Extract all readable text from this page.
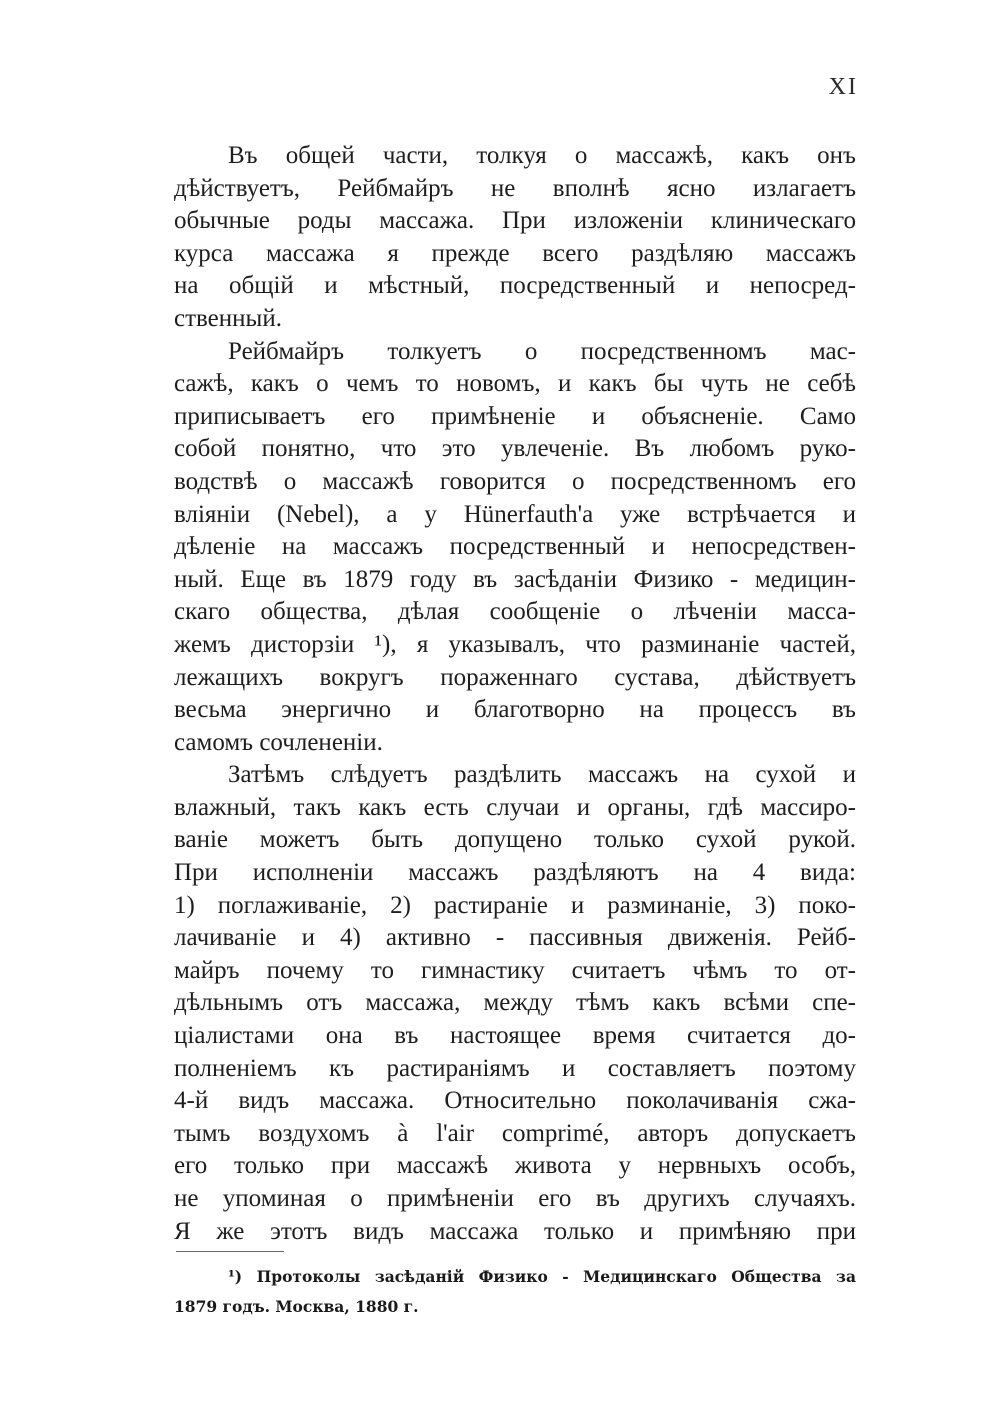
XI
Въ общей части, толкуя о массажѣ, какъ онъ
дѣйствуетъ, Рейбмайръ не вполнѣ ясно излагаетъ
обычные роды массажа. При изложеніи клиническаго
курса массажа я прежде всего раздѣляю массажъ
на общій и мѣстный, посредственный и непосред-
ственный.
Рейбмайръ толкуетъ о посредственномъ мас-
сажѣ, какъ о чемъ то новомъ, и какъ бы чуть не себѣ
приписываетъ его примѣненіе и объясненіе. Само
собой понятно, что это увлеченіе. Въ любомъ руко-
водствѣ о массажѣ говорится о посредственномъ его
вліяніи (Nebel), а у Hünerfauth'а уже встрѣчается и
дѣленіе на массажъ посредственный и непосредствен-
ный. Еще въ 1879 году въ засѣданіи Физико - медицин-
скаго общества, дѣлая сообщеніе о лѣченіи масса-
жемъ дисторзіи ¹), я указывалъ, что разминаніе частей,
лежащихъ вокругъ пораженнаго сустава, дѣйствуетъ
весьма энергично и благотворно на процессъ въ
самомъ сочлененіи.
Затѣмъ слѣдуетъ раздѣлить массажъ на сухой и
влажный, такъ какъ есть случаи и органы, гдѣ массиро-
ваніе можетъ быть допущено только сухой рукой.
При исполненіи массажъ раздѣляютъ на 4 вида:
1) поглаживаніе, 2) растираніе и разминаніе, 3) поко-
лачиваніе и 4) активно - пассивныя движенія. Рейб-
майръ почему то гимнастику считаетъ чѣмъ то от-
дѣльнымъ отъ массажа, между тѣмъ какъ всѣми спе-
ціалистами она въ настоящее время считается до-
полненіемъ къ растираніямъ и составляетъ поэтому
4-й видъ массажа. Относительно поколачиванія сжа-
тымъ воздухомъ à l'air comprimé, авторъ допускаетъ
его только при массажѣ живота у нервныхъ особъ,
не упоминая о примѣненіи его въ другихъ случаяхъ.
Я же этотъ видъ массажа только и примѣняю при
¹) Протоколы засѣданій Физико - Медицинскаго Общества за
1879 годъ. Москва, 1880 г.
